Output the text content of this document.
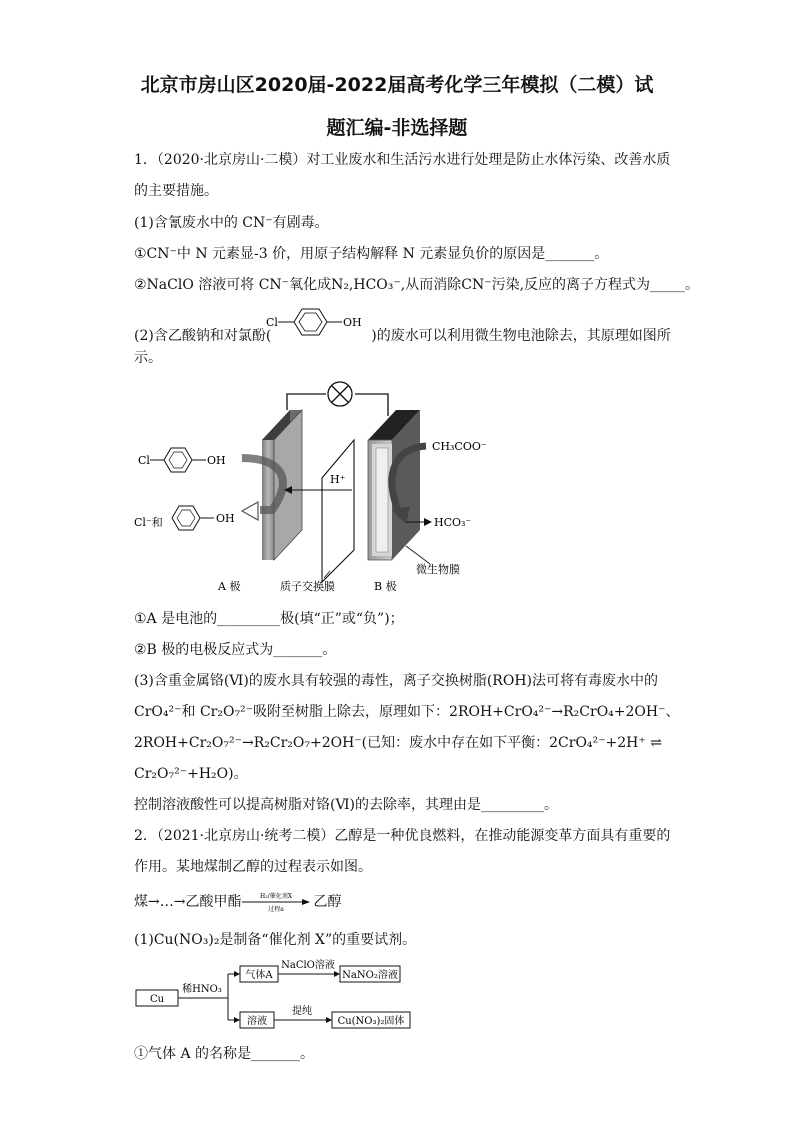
北京市房山区2020届-2022届高考化学三年模拟（二模）试
题汇编-非选择题
1．（2020·北京房山·二模）对工业废水和生活污水进行处理是防止水体污染、改善水质
的主要措施。
(1)含氰废水中的 CN⁻有剧毒。
①CN⁻中 N 元素显-3 价，用原子结构解释 N 元素显负价的原因是_______。
②NaClO 溶液可将 CN⁻氧化成N₂,HCO₃⁻,从而消除CN⁻污染,反应的离子方程式为_____。
(2)含乙酸钠和对氯酚(	)的废水可以利用微生物电池除去，其原理如图所
Cl	OH
示。
H⁺
Cl	OH
Cl⁻和	OH
CH₃COO⁻
HCO₃⁻
A 极	质子交换膜	B 极
微生物膜
①A 是电池的_________极(填“正”或“负”)；
②B 极的电极反应式为_______。
(3)含重金属铬(Ⅵ)的废水具有较强的毒性，离子交换树脂(ROH)法可将有毒废水中的
CrO₄²⁻和 Cr₂O₇²⁻吸附至树脂上除去，原理如下：2ROH+CrO₄²⁻→R₂CrO₄+2OH⁻、
2ROH+Cr₂O₇²⁻→R₂Cr₂O₇+2OH⁻(已知：废水中存在如下平衡：2CrO₄²⁻+2H⁺ ⇌
Cr₂O₇²⁻+H₂O)。
控制溶液酸性可以提高树脂对铬(Ⅵ)的去除率，其理由是_________。
2．（2021·北京房山·统考二模）乙醇是一种优良燃料，在推动能源变革方面具有重要的
作用。某地煤制乙醇的过程表示如图。
煤→…→乙酸甲酯	乙醇
H₂/催化剂X
过程a
(1)Cu(NO₃)₂是制备“催化剂 X”的重要试剂。
Cu
稀HNO₃
气体A
NaClO溶液
NaNO₂溶液
溶液
提纯
Cu(NO₃)₂固体
①气体 A 的名称是_______。
